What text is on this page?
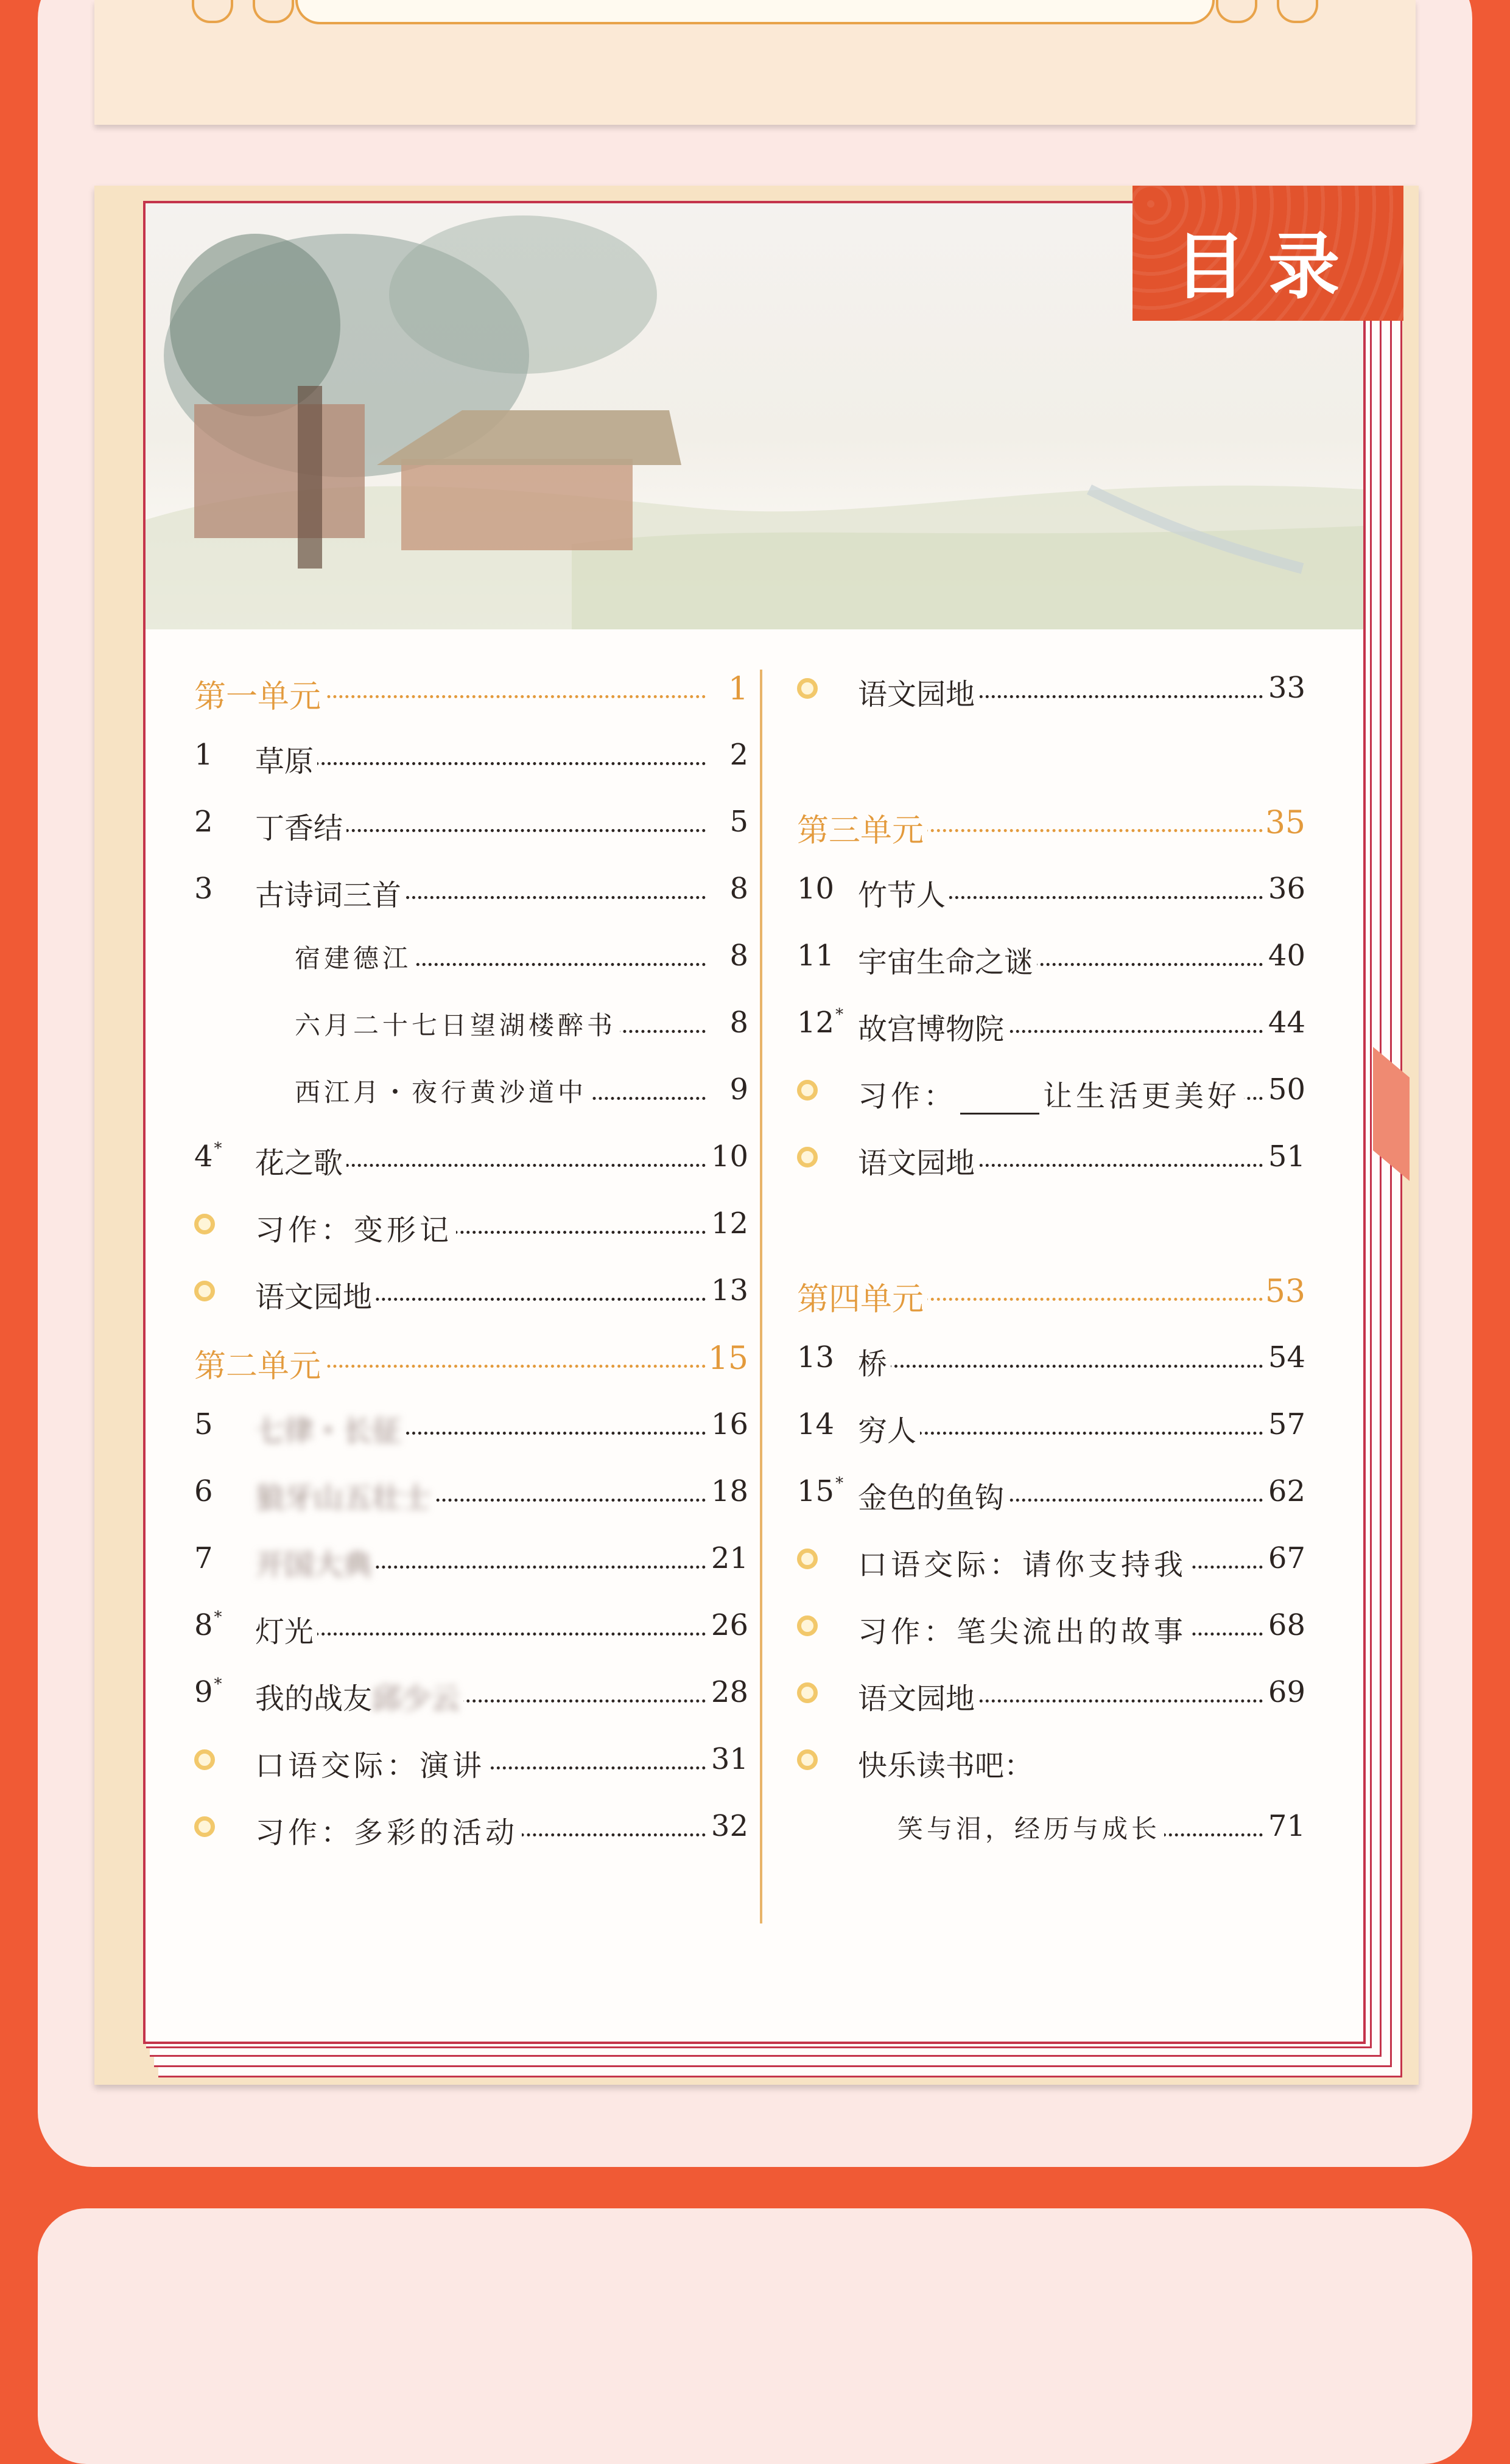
第一单元	1
1	草原	2
2	丁香结	5
3	古诗词三首	8
宿建德江	8
六月二十七日望湖楼醉书	8
西江月・夜行黄沙道中	9
4*	花之歌	10
习作：变形记	12
语文园地	13
第二单元	15
5	七律・长征	16
6	狼牙山五壮士	18
7	开国大典	21
8*	灯光	26
9*	我的战友邱少云	28
口语交际：演讲	31
习作：多彩的活动	32
语文园地	33
第三单元	35
10 竹节人	36
11 宇宙生命之谜	40
12* 故宫博物院	44
习作：	让生活更美好 50
语文园地	51
第四单元	53
13 桥	54
14 穷人	57
15* 金色的鱼钩	62
口语交际：请你支持我	67
习作：笔尖流出的故事	68
语文园地	69
快乐读书吧：
笑与泪，经历与成长	71
目录
